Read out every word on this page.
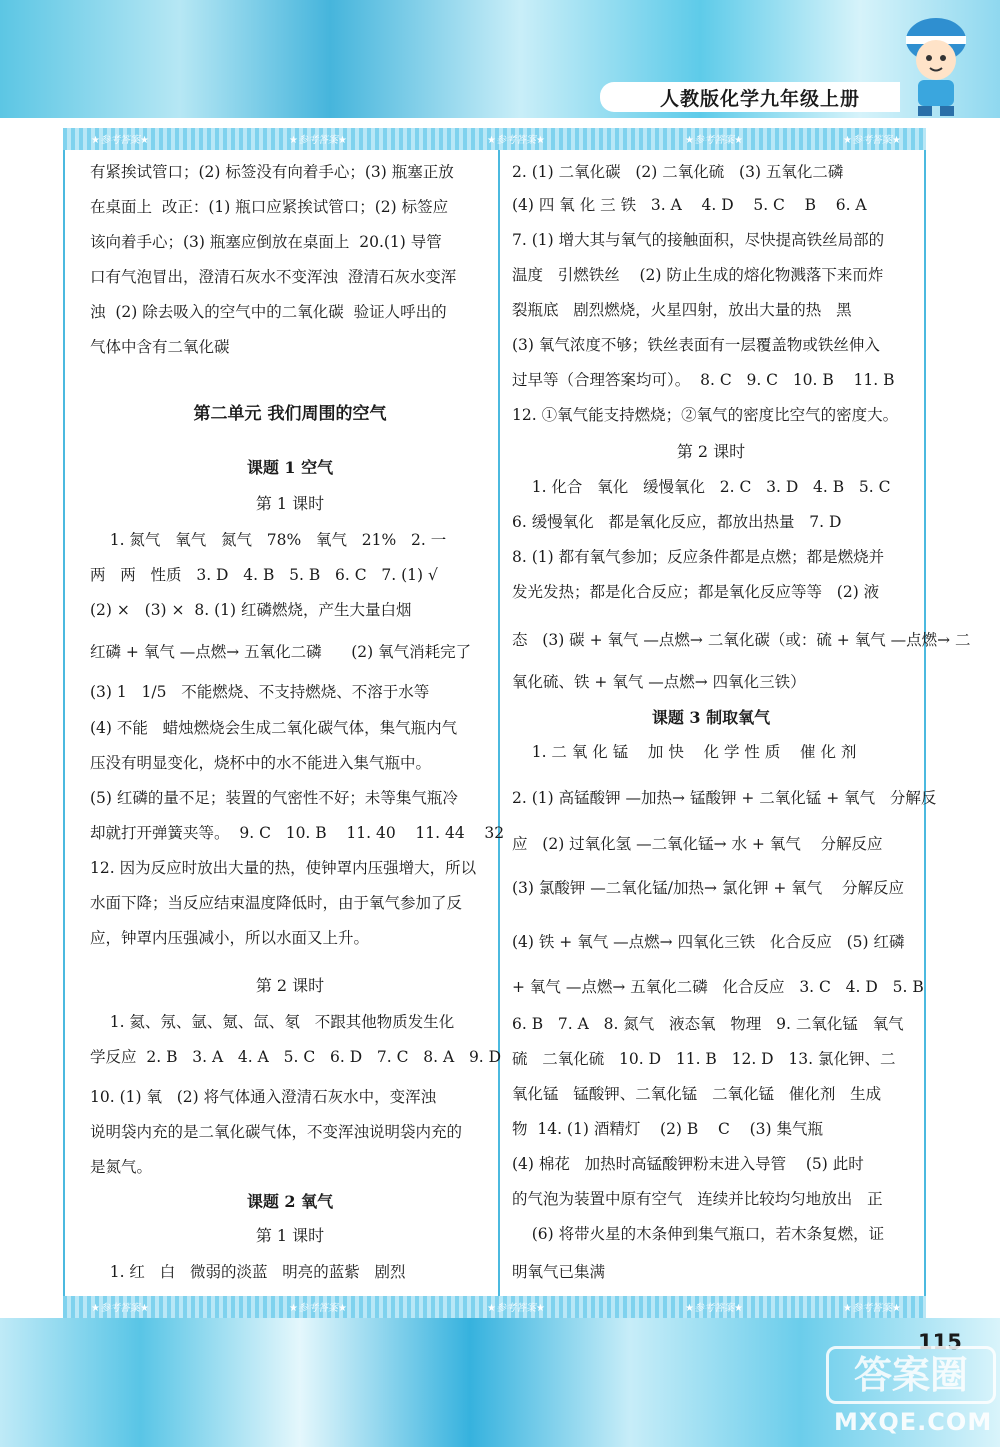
人教版化学九年级上册
★参考答案★	★参考答案★	★参考答案★	★参考答案★	★参考答案★
★参考答案★	★参考答案★	★参考答案★	★参考答案★	★参考答案★
有紧挨试管口；(2) 标签没有向着手心；(3) 瓶塞正放
在桌面上  改正：(1) 瓶口应紧挨试管口；(2) 标签应
该向着手心；(3) 瓶塞应倒放在桌面上  20.(1) 导管
口有气泡冒出，澄清石灰水不变浑浊  澄清石灰水变浑
浊  (2) 除去吸入的空气中的二氧化碳  验证人呼出的
气体中含有二氧化碳
第二单元 我们周围的空气
课题 1 空气
第 1 课时
1. 氮气   氧气   氮气   78%   氧气   21%   2. 一
两   两   性质   3. D   4. B   5. B   6. C   7. (1) √
(2) ×   (3) ×  8. (1) 红磷燃烧，产生大量白烟
红磷 + 氧气 —点燃→ 五氧化二磷      (2) 氧气消耗完了
(3) 1   1/5   不能燃烧、不支持燃烧、不溶于水等
(4) 不能   蜡烛燃烧会生成二氧化碳气体，集气瓶内气
压没有明显变化，烧杯中的水不能进入集气瓶中。
(5) 红磷的量不足；装置的气密性不好；未等集气瓶冷
却就打开弹簧夹等。  9. C   10. B    11. 40    11. 44    32
12. 因为反应时放出大量的热，使钟罩内压强增大，所以
水面下降；当反应结束温度降低时，由于氧气参加了反
应，钟罩内压强减小，所以水面又上升。
第 2 课时
1. 氦、氖、氩、氪、氙、氡   不跟其他物质发生化
学反应  2. B   3. A   4. A   5. C   6. D   7. C   8. A   9. D
10. (1) 氧   (2) 将气体通入澄清石灰水中，变浑浊
说明袋内充的是二氧化碳气体，不变浑浊说明袋内充的
是氮气。
课题 2 氧气
第 1 课时
1. 红   白   微弱的淡蓝   明亮的蓝紫   剧烈
2. (1) 二氧化碳   (2) 二氧化硫   (3) 五氧化二磷
(4) 四 氧 化 三 铁   3. A    4. D    5. C    B    6. A
7. (1) 增大其与氧气的接触面积，尽快提高铁丝局部的
温度   引燃铁丝    (2) 防止生成的熔化物溅落下来而炸
裂瓶底   剧烈燃烧，火星四射，放出大量的热   黑
(3) 氧气浓度不够；铁丝表面有一层覆盖物或铁丝伸入
过早等（合理答案均可）。  8. C   9. C   10. B    11. B
12. ①氧气能支持燃烧；②氧气的密度比空气的密度大。
第 2 课时
1. 化合   氧化   缓慢氧化   2. C   3. D   4. B   5. C
6. 缓慢氧化   都是氧化反应，都放出热量   7. D
8. (1) 都有氧气参加；反应条件都是点燃；都是燃烧并
发光发热；都是化合反应；都是氧化反应等等   (2) 液
态   (3) 碳 + 氧气 —点燃→ 二氧化碳（或：硫 + 氧气 —点燃→ 二
氧化硫、铁 + 氧气 —点燃→ 四氧化三铁）
课题 3 制取氧气
1. 二 氧 化 锰    加 快    化 学 性 质    催 化 剂
2. (1) 高锰酸钾 —加热→ 锰酸钾 + 二氧化锰 + 氧气   分解反
应   (2) 过氧化氢 —二氧化锰→ 水 + 氧气    分解反应
(3) 氯酸钾 —二氧化锰/加热→ 氯化钾 + 氧气    分解反应
(4) 铁 + 氧气 —点燃→ 四氧化三铁   化合反应   (5) 红磷
+ 氧气 —点燃→ 五氧化二磷   化合反应   3. C   4. D   5. B
6. B   7. A   8. 氮气   液态氧   物理   9. 二氧化锰   氧气
硫   二氧化硫   10. D   11. B   12. D   13. 氯化钾、二
氧化锰   锰酸钾、二氧化锰   二氧化锰   催化剂   生成
物  14. (1) 酒精灯    (2) B    C    (3) 集气瓶
(4) 棉花   加热时高锰酸钾粉末进入导管    (5) 此时
的气泡为装置中原有空气   连续并比较均匀地放出   正
(6) 将带火星的木条伸到集气瓶口，若木条复燃，证
明氧气已集满
115
答案圈
MXQE.COM
